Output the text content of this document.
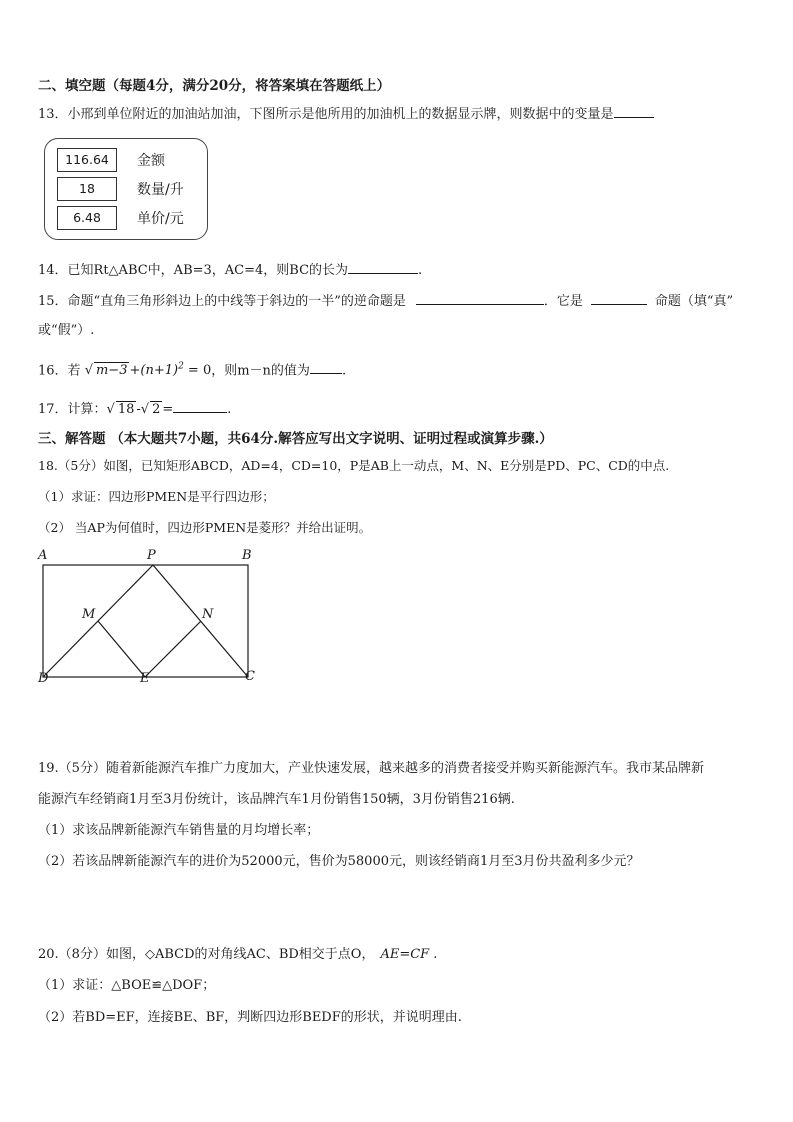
二、填空题（每题4分，满分20分，将答案填在答题纸上）
13．小邢到单位附近的加油站加油，下图所示是他所用的加油机上的数据显示牌，则数据中的变量是
116.64	金额
18	数量/升
6.48	单价/元
14．已知Rt△ABC中，AB=3，AC=4，则BC的长为	.
15．命题“直角三角形斜边上的中线等于斜边的一半”的逆命题是	．它是	命题（填“真”
或“假”）.
16．若 √ $m-3 +(n+1)^2 = 0$，则m－n的值为 .
17．计算：√ 18 -√ 2 =	.
三、解答题 （本大题共7小题，共64分.解答应写出文字说明、证明过程或演算步骤.）
18.（5分）如图，已知矩形ABCD，AD=4，CD=10，P是AB上一动点，M、N、E分别是PD、PC、CD的中点.
（1）求证：四边形PMEN是平行四边形；
（2） 当AP为何值时，四边形PMEN是菱形？并给出证明。
A	P	B
M	N
D	E	C
19.（5分）随着新能源汽车推广力度加大，产业快速发展，越来越多的消费者接受并购买新能源汽车。我市某品牌新
能源汽车经销商1月至3月份统计，该品牌汽车1月份销售150辆，3月份销售216辆.
（1）求该品牌新能源汽车销售量的月均增长率；
（2）若该品牌新能源汽车的进价为52000元，售价为58000元，则该经销商1月至3月份共盈利多少元？
20.（8分）如图，◇ABCD的对角线AC、BD相交于点O， AE=CF .
（1）求证：△BOE≌△DOF；
（2）若BD=EF，连接BE、BF，判断四边形BEDF的形状，并说明理由.
